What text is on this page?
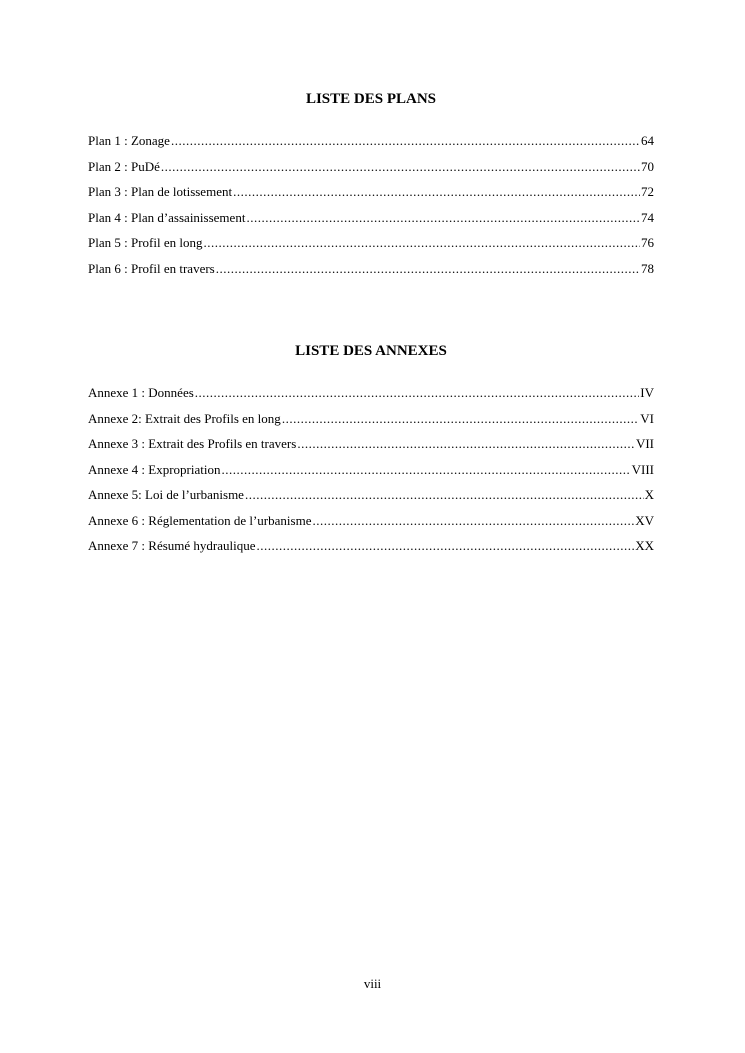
LISTE DES PLANS
Plan 1 : Zonage .....	64
Plan 2 : PuDé .....	70
Plan 3 : Plan de lotissement .....	72
Plan 4 : Plan d’assainissement .....	74
Plan 5 : Profil en long .....	76
Plan 6 : Profil en travers .....	78
LISTE DES ANNEXES
Annexe 1 : Données .....	IV
Annexe 2: Extrait des Profils en long .....	VI
Annexe 3 : Extrait des Profils en travers .....	VII
Annexe 4 : Expropriation .....	VIII
Annexe 5: Loi de l’urbanisme .....	X
Annexe 6 : Réglementation de l’urbanisme .....	XV
Annexe 7 : Résumé hydraulique .....	XX
viii
